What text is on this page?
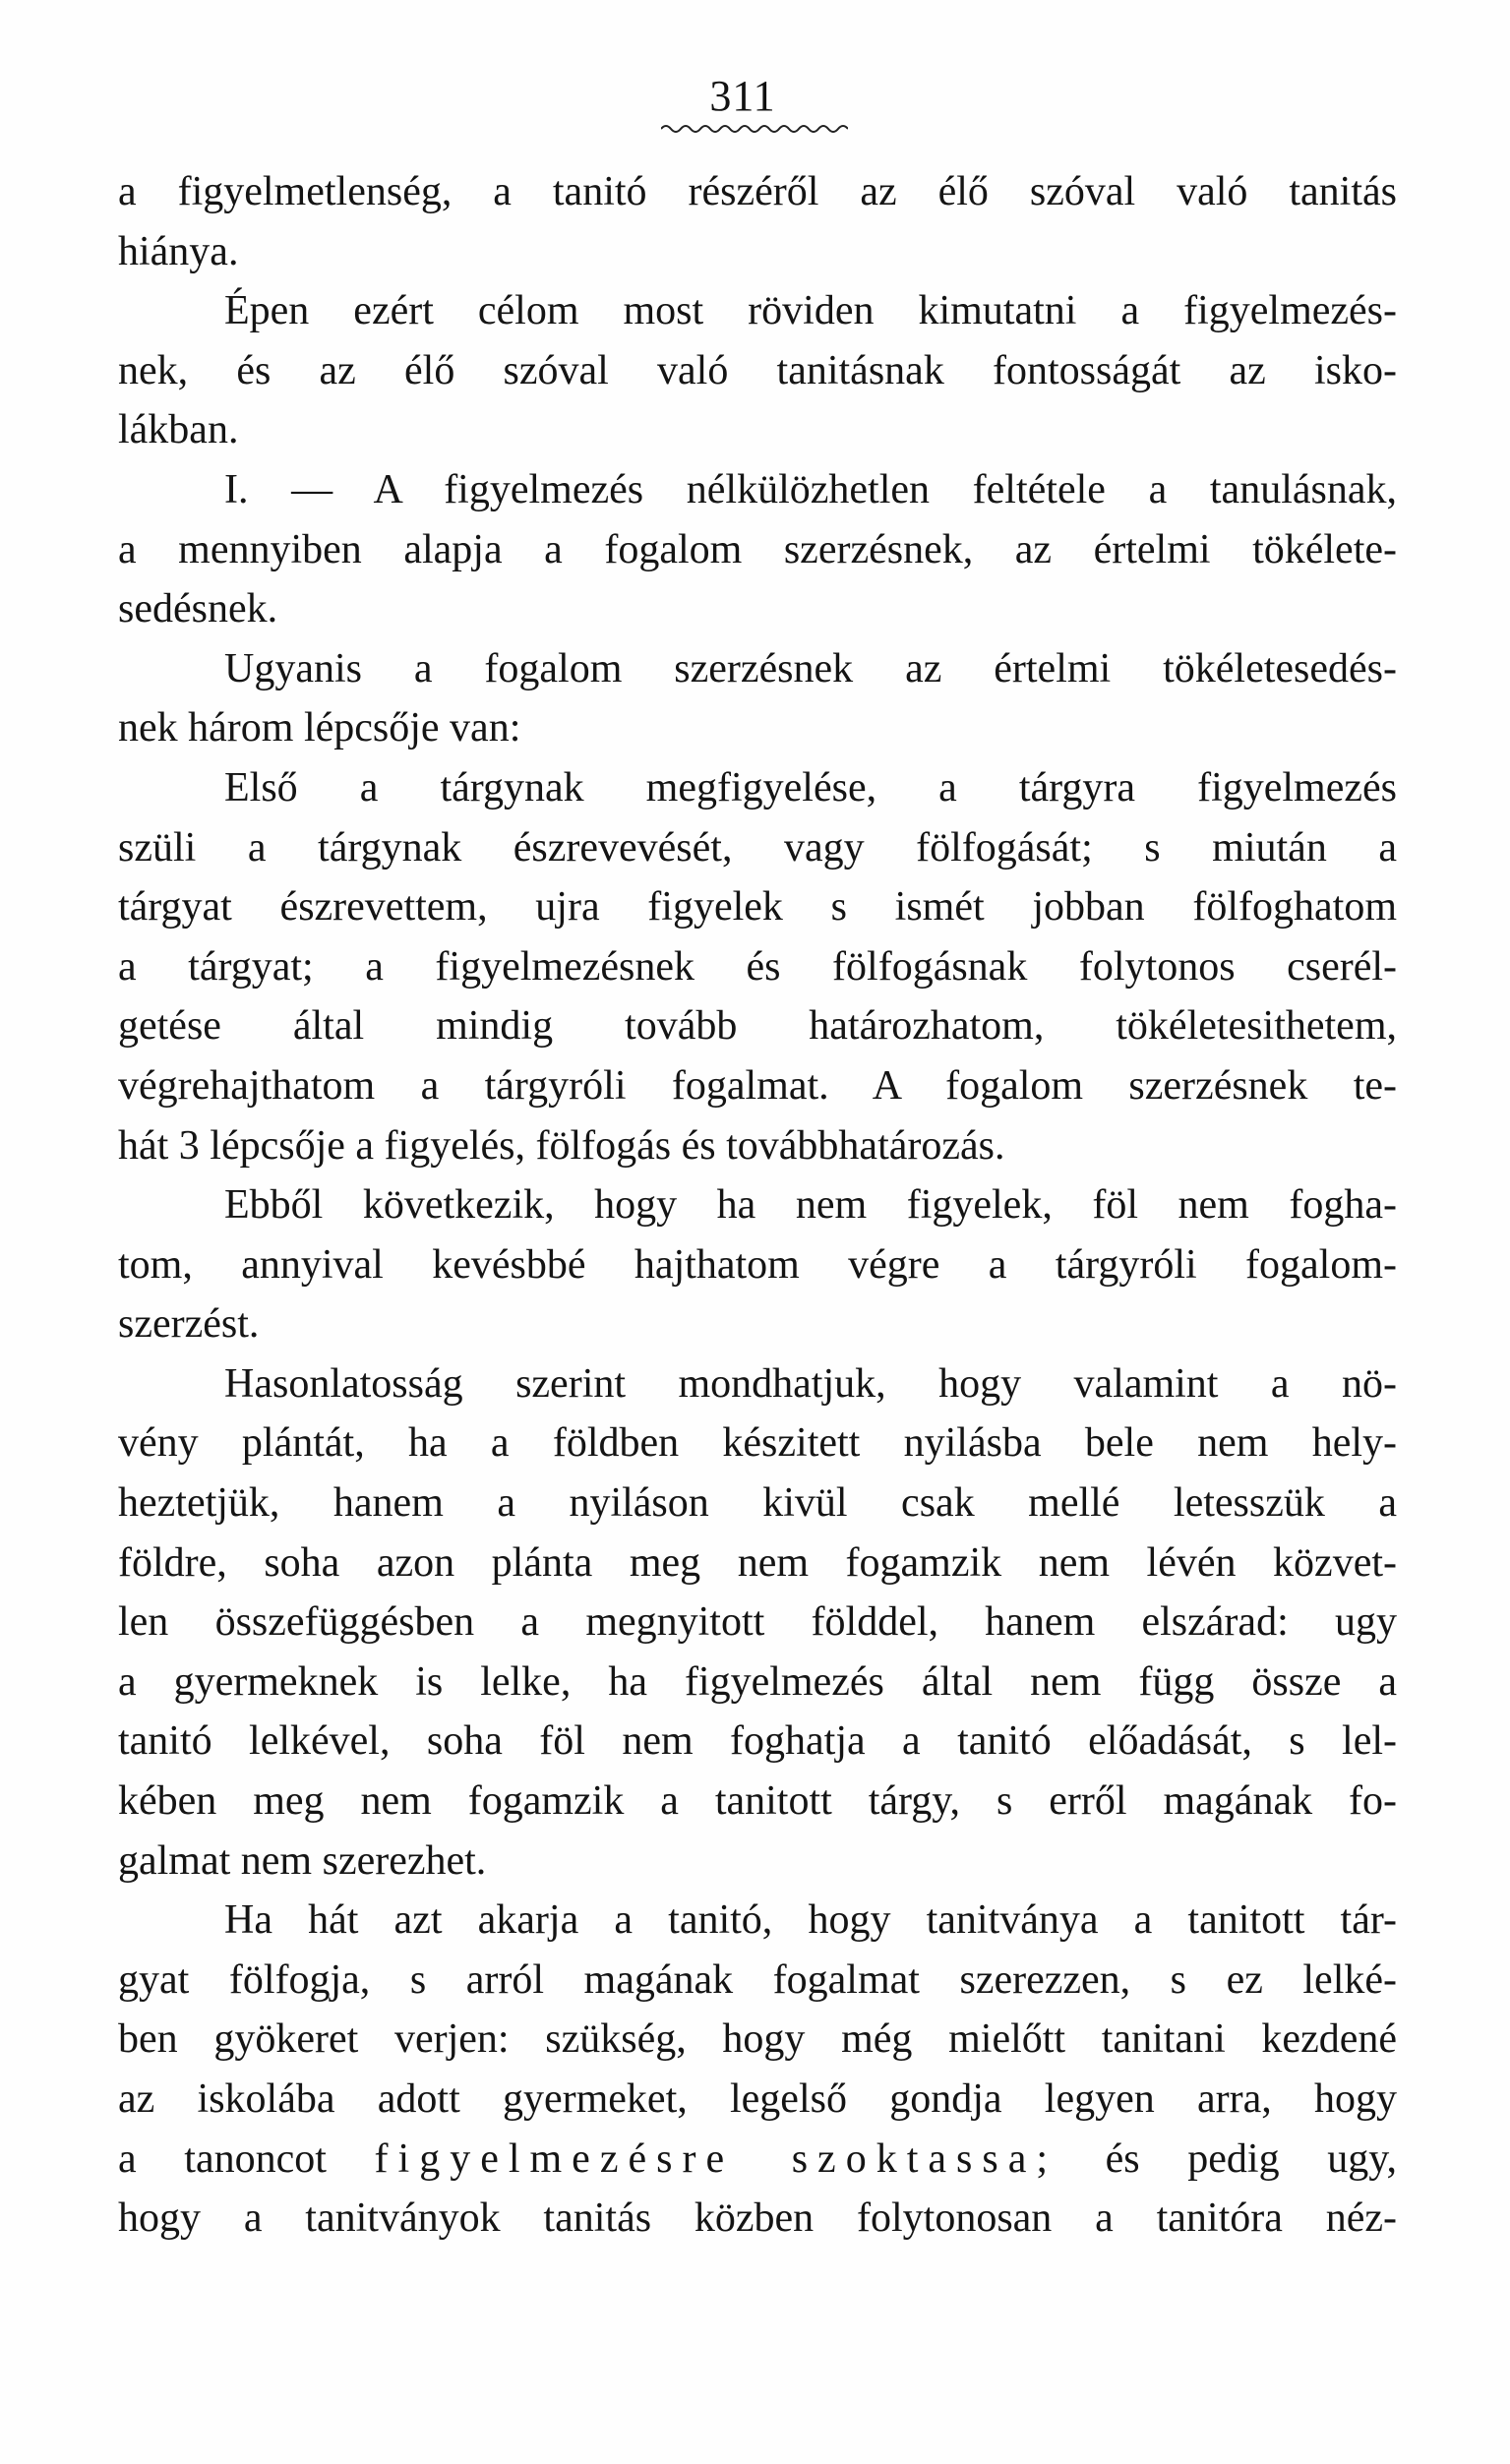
311
a figyelmetlenség, a tanitó részéről az élő szóval való tanitás
hiánya.
Épen ezért célom most röviden kimutatni a figyelmezés-
nek, és az élő szóval való tanitásnak fontosságát az isko-
lákban.
I. — A figyelmezés nélkülözhetlen feltétele a tanulásnak,
a mennyiben alapja a fogalom szerzésnek, az értelmi tökélete-
sedésnek.
Ugyanis a fogalom szerzésnek az értelmi tökéletesedés-
nek három lépcsője van:
Első a tárgynak megfigyelése, a tárgyra figyelmezés
szüli a tárgynak észrevevését, vagy fölfogását; s miután a
tárgyat észrevettem, ujra figyelek s ismét jobban fölfoghatom
a tárgyat; a figyelmezésnek és fölfogásnak folytonos cserél-
getése által mindig tovább határozhatom, tökéletesithetem,
végrehajthatom a tárgyróli fogalmat. A fogalom szerzésnek te-
hát 3 lépcsője a figyelés, fölfogás és továbbhatározás.
Ebből következik, hogy ha nem figyelek, föl nem fogha-
tom, annyival kevésbbé hajthatom végre a tárgyróli fogalom-
szerzést.
Hasonlatosság szerint mondhatjuk, hogy valamint a nö-
vény plántát, ha a földben készitett nyilásba bele nem hely-
heztetjük, hanem a nyiláson kivül csak mellé letesszük a
földre, soha azon plánta meg nem fogamzik nem lévén közvet-
len összefüggésben a megnyitott földdel, hanem elszárad: ugy
a gyermeknek is lelke, ha figyelmezés által nem függ össze a
tanitó lelkével, soha föl nem foghatja a tanitó előadását, s lel-
kében meg nem fogamzik a tanitott tárgy, s erről magának fo-
galmat nem szerezhet.
Ha hát azt akarja a tanitó, hogy tanitványa a tanitott tár-
gyat fölfogja, s arról magának fogalmat szerezzen, s ez lelké-
ben gyökeret verjen: szükség, hogy még mielőtt tanitani kezdené
az iskolába adott gyermeket, legelső gondja legyen arra, hogy
a tanoncot figyelmezésre szoktassa; és pedig ugy,
hogy a tanitványok tanitás közben folytonosan a tanitóra néz-
